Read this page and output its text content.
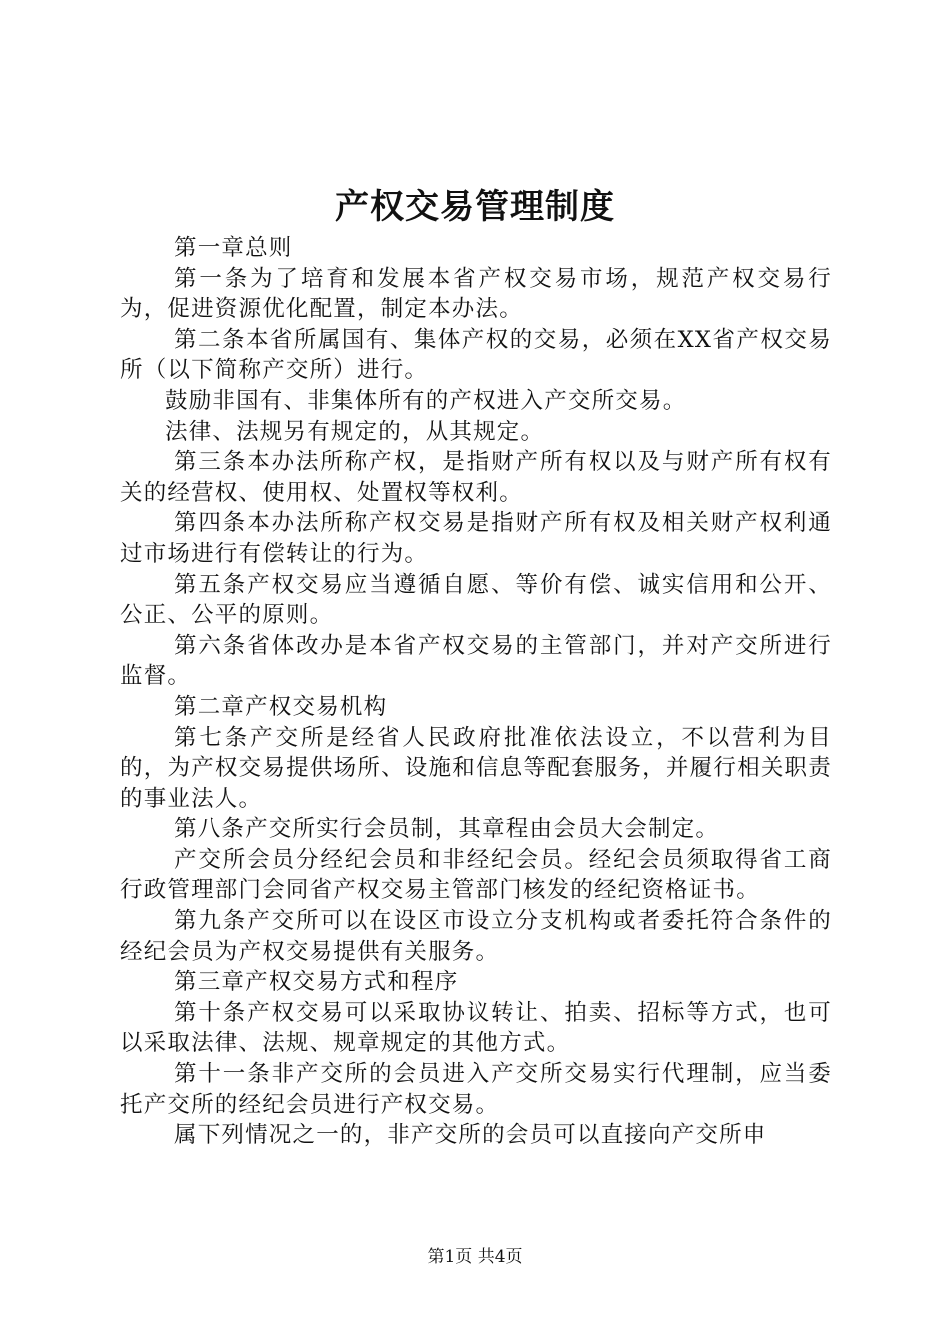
产权交易管理制度

第一章总则

第一条为了培育和发展本省产权交易市场，规范产权交易行为，促进资源优化配置，制定本办法。

第二条本省所属国有、集体产权的交易，必须在XX省产权交易所（以下简称产交所）进行。

鼓励非国有、非集体所有的产权进入产交所交易。

法律、法规另有规定的，从其规定。

第三条本办法所称产权，是指财产所有权以及与财产所有权有关的经营权、使用权、处置权等权利。

第四条本办法所称产权交易是指财产所有权及相关财产权利通过市场进行有偿转让的行为。

第五条产权交易应当遵循自愿、等价有偿、诚实信用和公开、公正、公平的原则。

第六条省体改办是本省产权交易的主管部门，并对产交所进行监督。

第二章产权交易机构

第七条产交所是经省人民政府批准依法设立，不以营利为目的，为产权交易提供场所、设施和信息等配套服务，并履行相关职责的事业法人。

第八条产交所实行会员制，其章程由会员大会制定。

产交所会员分经纪会员和非经纪会员。经纪会员须取得省工商行政管理部门会同省产权交易主管部门核发的经纪资格证书。

第九条产交所可以在设区市设立分支机构或者委托符合条件的经纪会员为产权交易提供有关服务。

第三章产权交易方式和程序

第十条产权交易可以采取协议转让、拍卖、招标等方式，也可以采取法律、法规、规章规定的其他方式。

第十一条非产交所的会员进入产交所交易实行代理制，应当委托产交所的经纪会员进行产权交易。

属下列情况之一的，非产交所的会员可以直接向产交所申

第1页 共4页
